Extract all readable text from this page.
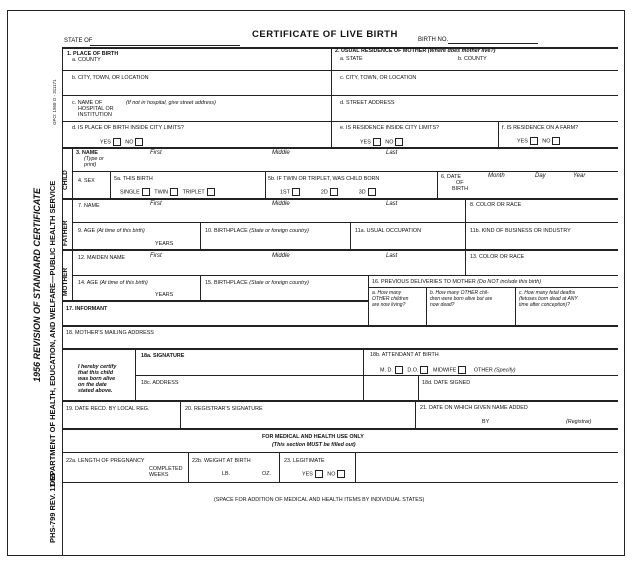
1956 REVISION OF STANDARD CERTIFICATE DEPARTMENT OF HEALTH, EDUCATION, AND WELFARE—PUBLIC HEALTH SERVICE
PHS-799 REV. 11-55
GPO: 1958 O - 311171
STATE OF
CERTIFICATE OF LIVE BIRTH	BIRTH NO.
1. PLACE OF BIRTH
a. COUNTY
2. USUAL RESIDENCE OF MOTHER (Where does mother live?)
a. STATE	b. COUNTY
b. CITY, TOWN, OR LOCATION	c. CITY, TOWN, OR LOCATION
c. NAME OF
HOSPITAL OR
INSTITUTION
(If not in hospital, give street address)	d. STREET ADDRESS
d. IS PLACE OF BIRTH INSIDE CITY LIMITS?
YES	NO
e. IS RESIDENCE INSIDE CITY LIMITS?
YES	NO
f. IS RESIDENCE ON A FARM?
YES	NO
CHILD
3. NAME
(Type or
print)
First	Middle	Last
4. SEX	5a. THIS BIRTH
SINGLE	TWIN	TRIPLET
5b. IF TWIN OR TRIPLET, WAS CHILD BORN
1ST	2D	3D
6. DATE
OF
BIRTH
Month	Day	Year
FATHER
7. NAME	First	Middle	Last	8. COLOR OR RACE
9. AGE (At time of this birth)
YEARS
10. BIRTHPLACE (State or foreign country)	11a. USUAL OCCUPATION	11b. KIND OF BUSINESS OR INDUSTRY
MOTHER
12. MAIDEN NAME	First	Middle	Last	13. COLOR OR RACE
14. AGE (At time of this birth)
YEARS
15. BIRTHPLACE (State or foreign country)	16. PREVIOUS DELIVERIES TO MOTHER (Do NOT include this birth)
a. How many
OTHER children
are now living?
b. How many OTHER chil-
dren were born alive but are
now dead?
c. How many fetal deaths
(fetuses born dead at ANY
time after conception)?
17. INFORMANT
18. MOTHER'S MAILING ADDRESS
I hereby certify
that this child
was born alive
on the date
stated above.
18a. SIGNATURE	18b. ATTENDANT AT BIRTH
M. D.	D.O.	MIDWIFE	OTHER (Specify)
18c. ADDRESS	18d. DATE SIGNED
19. DATE RECD. BY LOCAL REG.	20. REGISTRAR'S SIGNATURE	21. DATE ON WHICH GIVEN NAME ADDED
BY	(Registrar)
FOR MEDICAL AND HEALTH USE ONLY
(This section MUST be filled out)
22a. LENGTH OF PREGNANCY
COMPLETED
WEEKS
22b. WEIGHT AT BIRTH
LB.	OZ.
23. LEGITIMATE
YES	NO
(SPACE FOR ADDITION OF MEDICAL AND HEALTH ITEMS BY INDIVIDUAL STATES)
